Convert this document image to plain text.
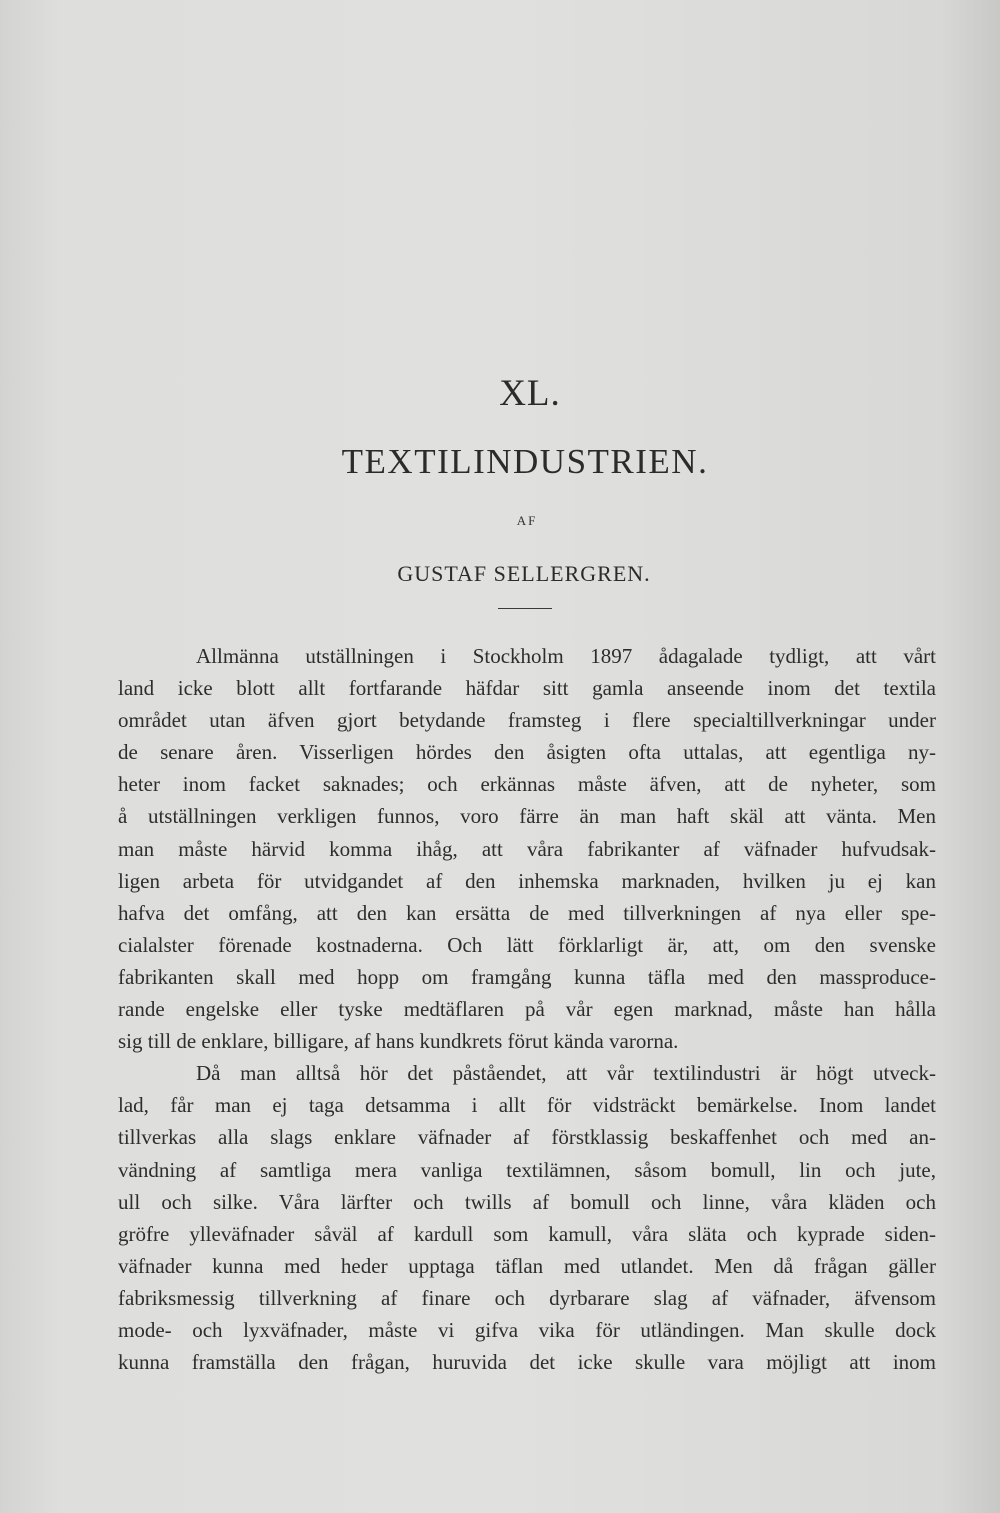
XL.
TEXTILINDUSTRIEN.
AF
GUSTAF SELLERGREN.
Allmänna utställningen i Stockholm 1897 ådagalade tydligt, att vårt
land icke blott allt fortfarande häfdar sitt gamla anseende inom det textila
området utan äfven gjort betydande framsteg i flere specialtillverkningar under
de senare åren. Visserligen hördes den åsigten ofta uttalas, att egentliga ny-
heter inom facket saknades; och erkännas måste äfven, att de nyheter, som
å utställningen verkligen funnos, voro färre än man haft skäl att vänta. Men
man måste härvid komma ihåg, att våra fabrikanter af väfnader hufvudsak-
ligen arbeta för utvidgandet af den inhemska marknaden, hvilken ju ej kan
hafva det omfång, att den kan ersätta de med tillverkningen af nya eller spe-
cialalster förenade kostnaderna. Och lätt förklarligt är, att, om den svenske
fabrikanten skall med hopp om framgång kunna täfla med den massproduce-
rande engelske eller tyske medtäflaren på vår egen marknad, måste han hålla
sig till de enklare, billigare, af hans kundkrets förut kända varorna.
Då man alltså hör det påståendet, att vår textilindustri är högt utveck-
lad, får man ej taga detsamma i allt för vidsträckt bemärkelse. Inom landet
tillverkas alla slags enklare väfnader af förstklassig beskaffenhet och med an-
vändning af samtliga mera vanliga textilämnen, såsom bomull, lin och jute,
ull och silke. Våra lärfter och twills af bomull och linne, våra kläden och
gröfre ylleväfnader såväl af kardull som kamull, våra släta och kyprade siden-
väfnader kunna med heder upptaga täflan med utlandet. Men då frågan gäller
fabriksmessig tillverkning af finare och dyrbarare slag af väfnader, äfvensom
mode- och lyxväfnader, måste vi gifva vika för utländingen. Man skulle dock
kunna framställa den frågan, huruvida det icke skulle vara möjligt att inom
